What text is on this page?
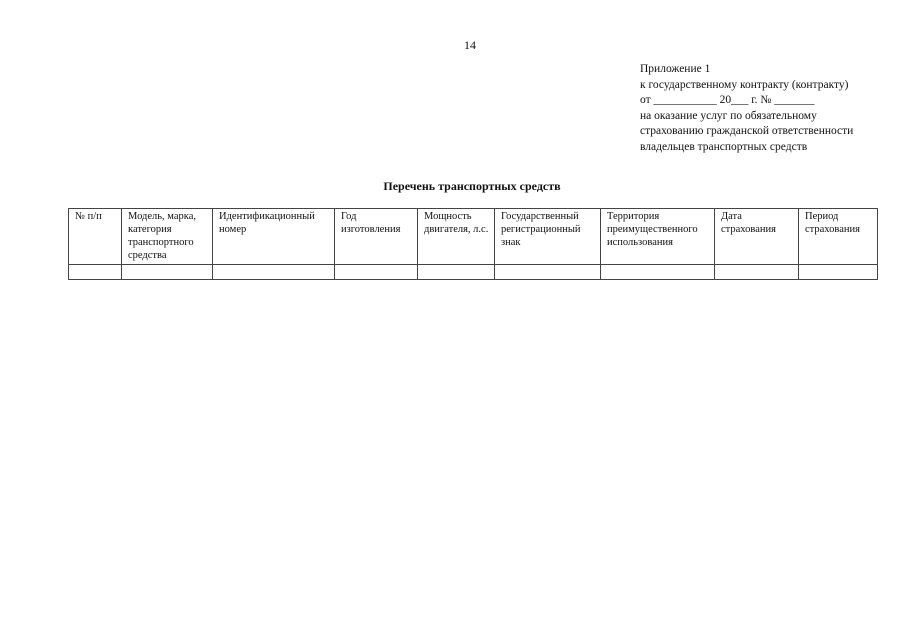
14
Приложение 1
к государственному контракту (контракту)
от ___________ 20___ г. № _______
на оказание услуг по обязательному
страхованию гражданской ответственности
владельцев транспортных средств
Перечень транспортных средств
№ п/п	Модель, марка, категория транспортного средства	Идентификационный номер	Год изготовления	Мощность двигателя, л.с.	Государственный регистрационный знак	Территория преимущественного использования	Дата страхования	Период страхования
